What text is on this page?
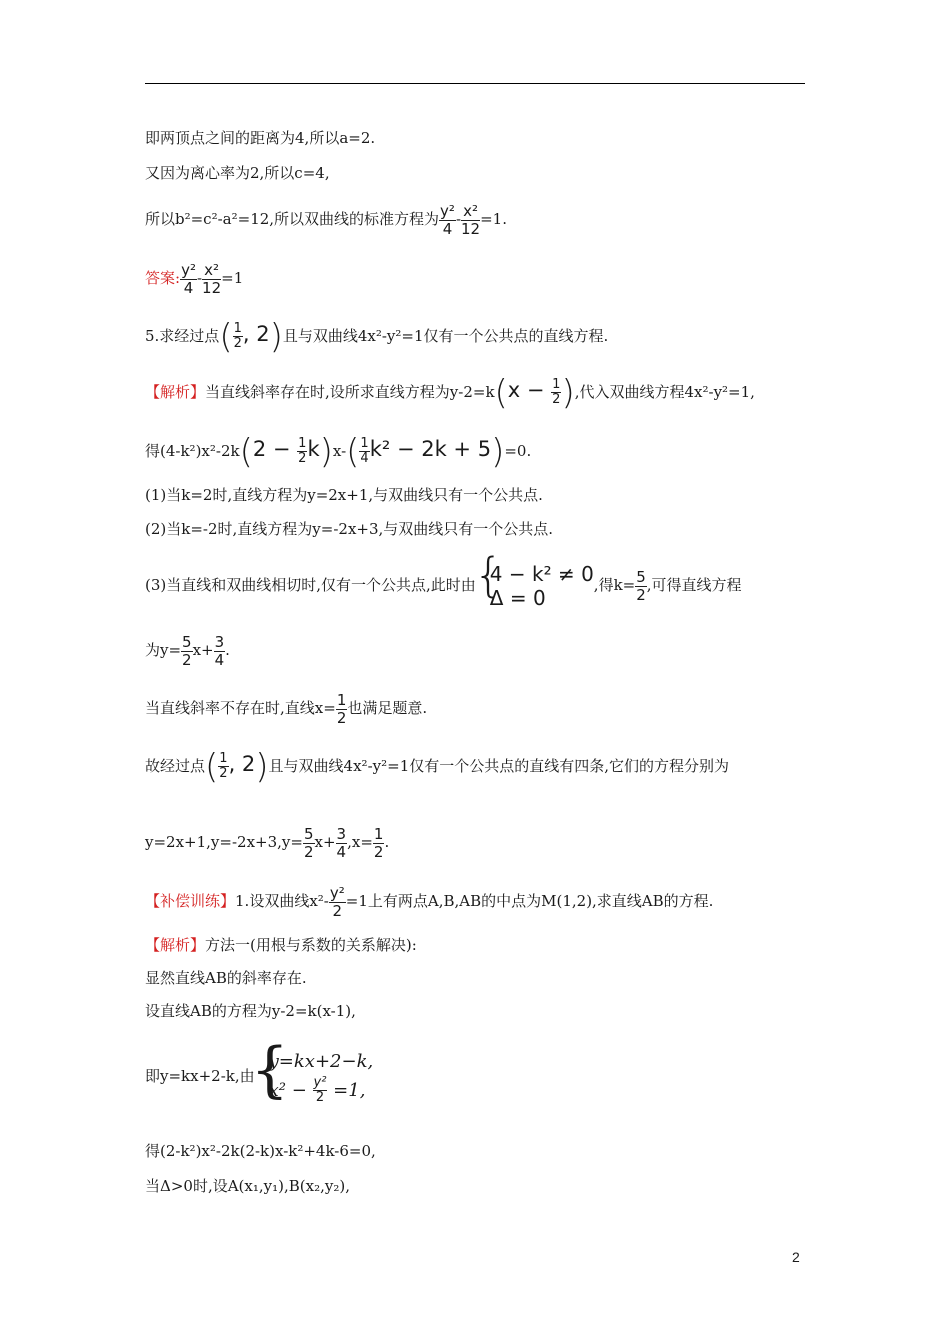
即两顶点之间的距离为4,所以a=2.
又因为离心率为2,所以c=4,
所以b²=c²-a²=12,所以双曲线的标准方程为 $\frac{\text{y²}}{4} - \frac{\text{x²}}{12} =1$.
答案: $\frac{\text{y²}}{4} - \frac{\text{x²}}{12} =1$
5.求经过点( $\frac{1}{2}$ , 2)且与双曲线4x²-y²=1仅有一个公共点的直线方程.
【解析】当直线斜率存在时,设所求直线方程为$y-2=k(x - \frac{1}{2}$ ),代入双曲线方程4x²-y²=1,
得$(4-k^2)x^2-2k(2 - \frac{1}{2} k)x-( \frac{1}{4} k^2 - 2k + 5)=0$.
(1)当k=2时,直线方程为y=2x+1,与双曲线只有一个公共点.
(2)当k=-2时,直线方程为y=-2x+3,与双曲线只有一个公共点.
(3)当直线和双曲线相切时,仅有一个公共点,此时由
{ 4 − k² ≠ 0
Δ = 0
,得$k= \frac{5}{2}$ ,可得直线方程
为$y= \frac{5}{2} x+ \frac{3}{4}$ .
当直线斜率不存在时,直线$x= \frac{1}{2}$ 也满足题意.
故经过点( $\frac{1}{2}$ , 2)且与双曲线4x²-y²=1仅有一个公共点的直线有四条,它们的方程分别为
$y=2x+1,y=-2x+3,y= \frac{5}{2} x+ \frac{3}{4} ,x= \frac{1}{2}$ .
【补偿训练】1.设双曲线$x^2- \frac{\text{y²}}{2} =1$上有两点A,B,AB的中点为M(1,2),求直线AB的方程.
【解析】方法一(用根与系数的关系解决):
显然直线AB的斜率存在.
设直线AB的方程为y-2=k(x-1),
即y=kx+2-k,由
{ y=kx+2−k,
$x^2 - \frac{\text{y²}}{2} =1$,
得(2-k²)x²-2k(2-k)x-k²+4k-6=0,
当Δ>0时,设A(x₁,y₁),B(x₂,y₂),
2
